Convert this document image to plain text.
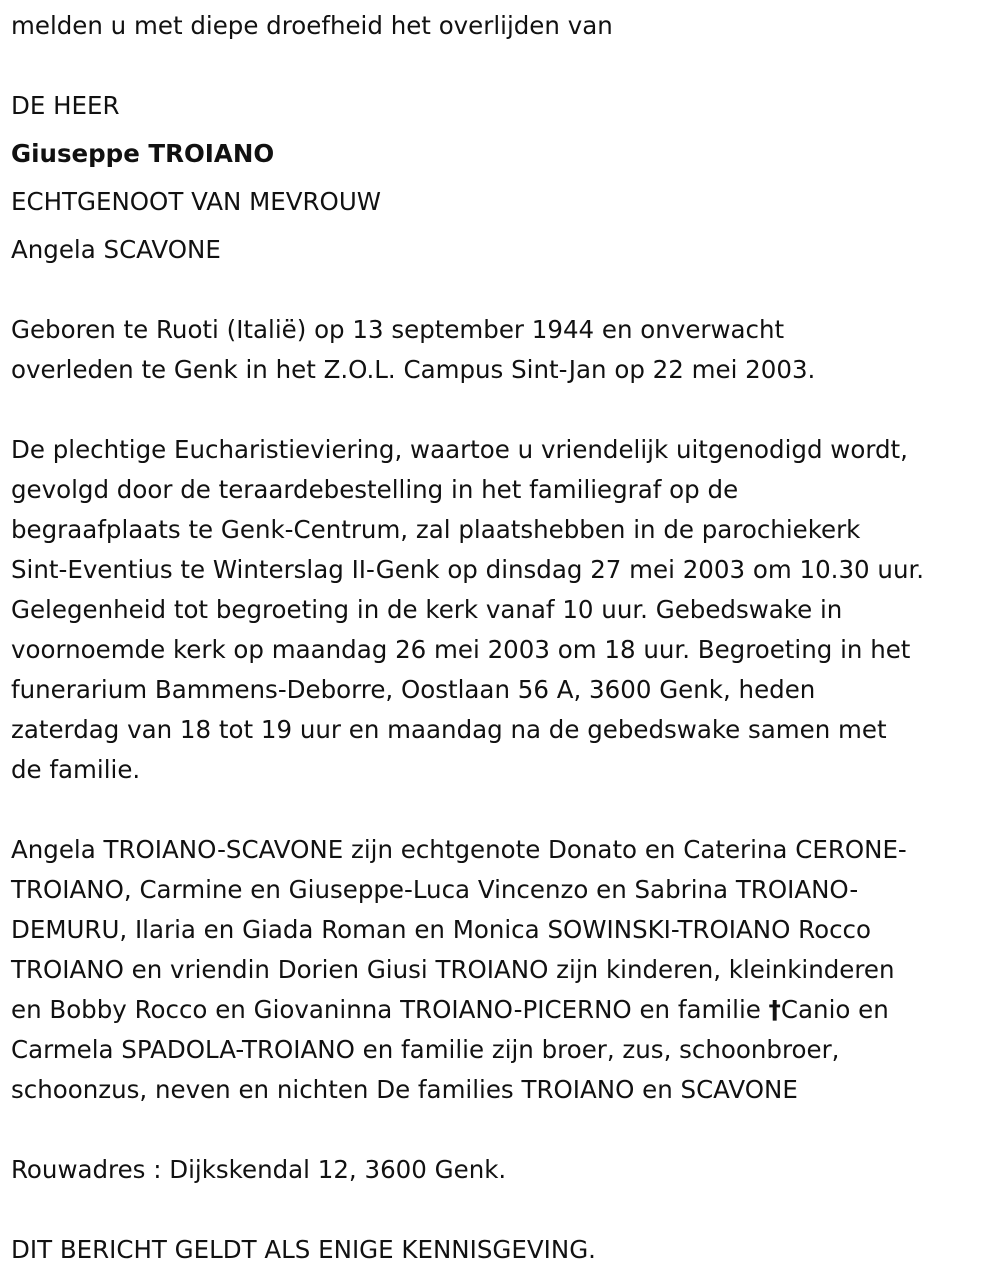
melden u met diepe droefheid het overlijden van

DE HEER

Giuseppe TROIANO

ECHTGENOOT VAN MEVROUW

Angela SCAVONE

Geboren te Ruoti (Italië) op 13 september 1944 en onverwacht

overleden te Genk in het Z.O.L. Campus Sint-Jan op 22 mei 2003.

De plechtige Eucharistieviering, waartoe u vriendelijk uitgenodigd wordt,

gevolgd door de teraardebestelling in het familiegraf op de

begraafplaats te Genk-Centrum, zal plaatshebben in de parochiekerk

Sint-Eventius te Winterslag II-Genk op dinsdag 27 mei 2003 om 10.30 uur.

Gelegenheid tot begroeting in de kerk vanaf 10 uur. Gebedswake in

voornoemde kerk op maandag 26 mei 2003 om 18 uur. Begroeting in het

funerarium Bammens-Deborre, Oostlaan 56 A, 3600 Genk, heden

zaterdag van 18 tot 19 uur en maandag na de gebedswake samen met

de familie.

Angela TROIANO-SCAVONE zijn echtgenote Donato en Caterina CERONE-

TROIANO, Carmine en Giuseppe-Luca Vincenzo en Sabrina TROIANO-

DEMURU, Ilaria en Giada Roman en Monica SOWINSKI-TROIANO Rocco

TROIANO en vriendin Dorien Giusi TROIANO zijn kinderen, kleinkinderen

en Bobby Rocco en Giovaninna TROIANO-PICERNO en familie †Canio en

Carmela SPADOLA-TROIANO en familie zijn broer, zus, schoonbroer,

schoonzus, neven en nichten De families TROIANO en SCAVONE

Rouwadres : Dijkskendal 12, 3600 Genk.

DIT BERICHT GELDT ALS ENIGE KENNISGEVING.
